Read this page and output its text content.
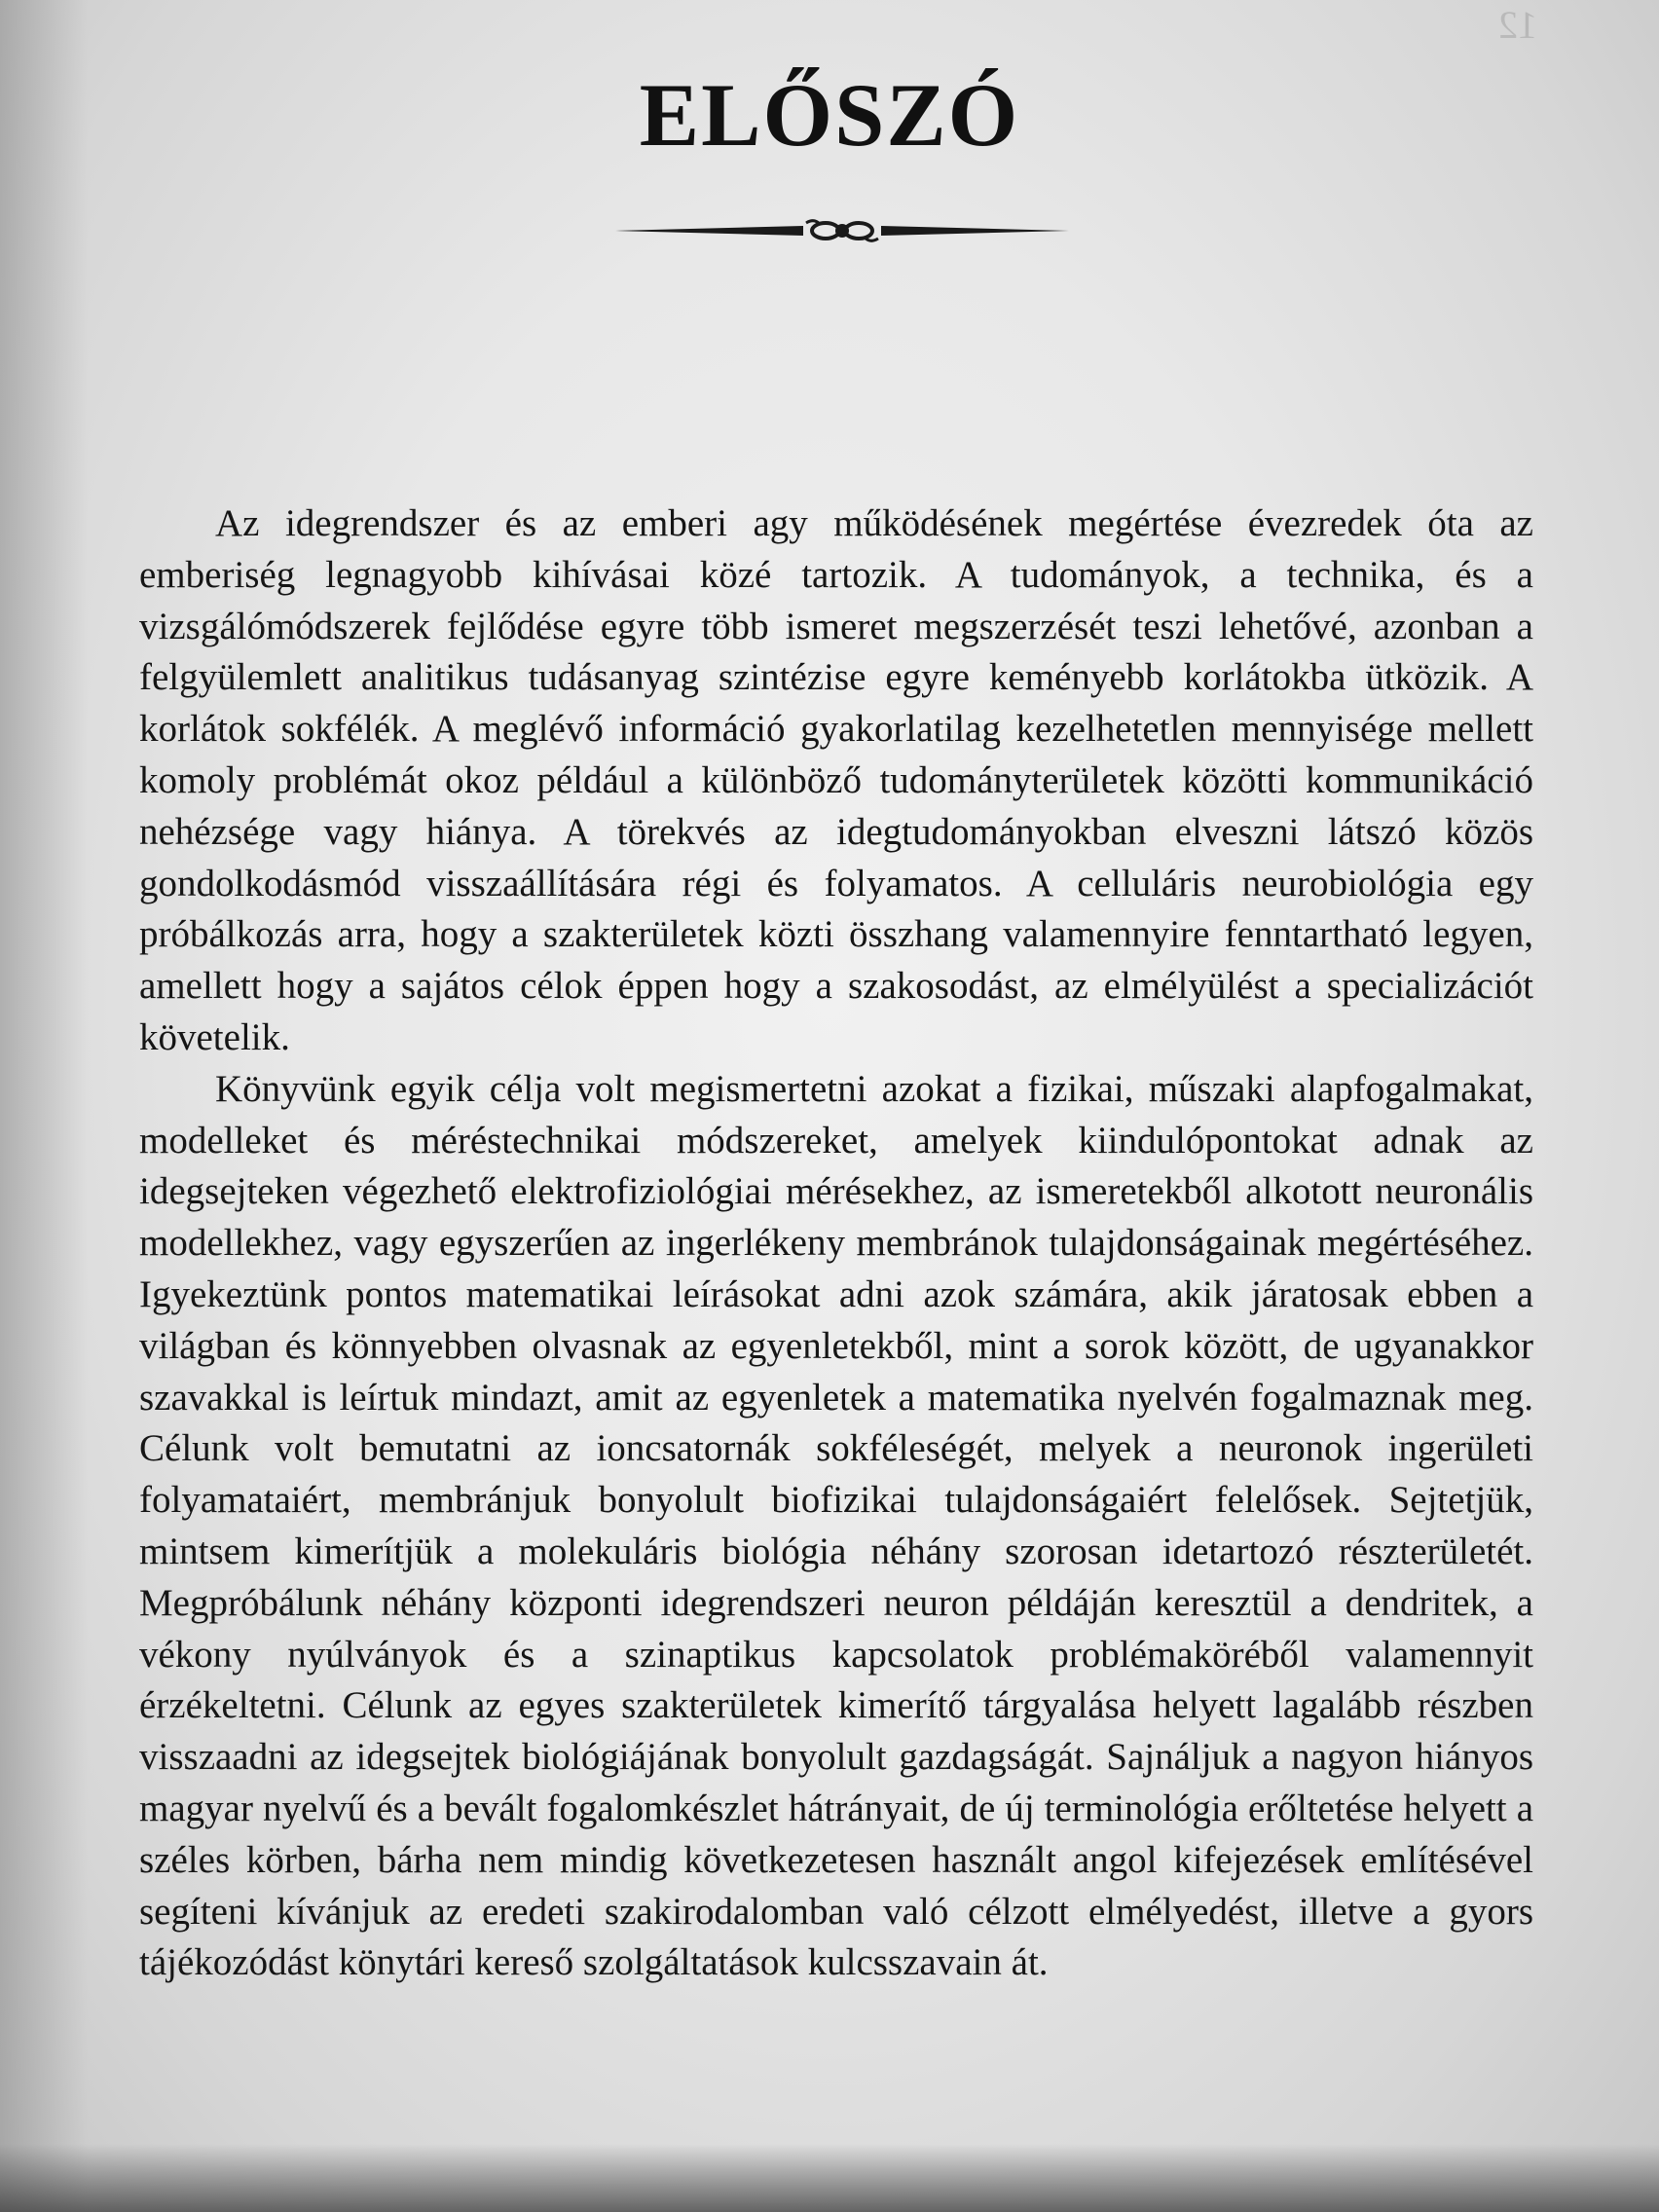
12
ELŐSZÓ

Az idegrendszer és az emberi agy működésének megértése évezredek óta az emberiség legnagyobb kihívásai közé tartozik. A tudományok, a technika, és a vizsgálómódszerek fejlődése egyre több ismeret megszerzését teszi lehetővé, azonban a felgyülemlett analitikus tudásanyag szintézise egyre keményebb korlátokba ütközik. A korlátok sokfélék. A meglévő információ gyakorlatilag kezelhetetlen mennyisége mellett komoly problémát okoz például a különböző tudományterületek közötti kommunikáció nehézsége vagy hiánya. A törekvés az idegtudományokban elveszni látszó közös gondolkodásmód visszaállítására régi és folyamatos. A celluláris neurobiológia egy próbálkozás arra, hogy a szakterületek közti összhang valamennyire fenntartható legyen, amellett hogy a sajátos célok éppen hogy a szakosodást, az elmélyülést a specializációt követelik.

Könyvünk egyik célja volt megismertetni azokat a fizikai, műszaki alapfogalmakat, modelleket és méréstechnikai módszereket, amelyek kiindulópontokat adnak az idegsejteken végezhető elektrofiziológiai mérésekhez, az ismeretekből alkotott neuronális modellekhez, vagy egyszerűen az ingerlékeny membránok tulajdonságainak megértéséhez. Igyekeztünk pontos matematikai leírásokat adni azok számára, akik járatosak ebben a világban és könnyebben olvasnak az egyenletekből, mint a sorok között, de ugyanakkor szavakkal is leírtuk mindazt, amit az egyenletek a matematika nyelvén fogalmaznak meg. Célunk volt bemutatni az ioncsatornák sokféleségét, melyek a neuronok ingerületi folyamataiért, membránjuk bonyolult biofizikai tulajdonságaiért felelősek. Sejtetjük, mintsem kimerítjük a molekuláris biológia néhány szorosan idetartozó részterületét. Megpróbálunk néhány központi idegrendszeri neuron példáján keresztül a dendritek, a vékony nyúlványok és a szinaptikus kapcsolatok problémaköréből valamennyit érzékeltetni. Célunk az egyes szakterületek kimerítő tárgyalása helyett lagalább részben visszaadni az idegsejtek biológiájának bonyolult gazdagságát. Sajnáljuk a nagyon hiányos magyar nyelvű és a bevált fogalomkészlet hátrányait, de új terminológia erőltetése helyett a széles körben, bárha nem mindig következetesen használt angol kifejezések említésével segíteni kívánjuk az eredeti szakirodalomban való célzott elmélyedést, illetve a gyors tájékozódást könytári kereső szolgáltatások kulcsszavain át.
